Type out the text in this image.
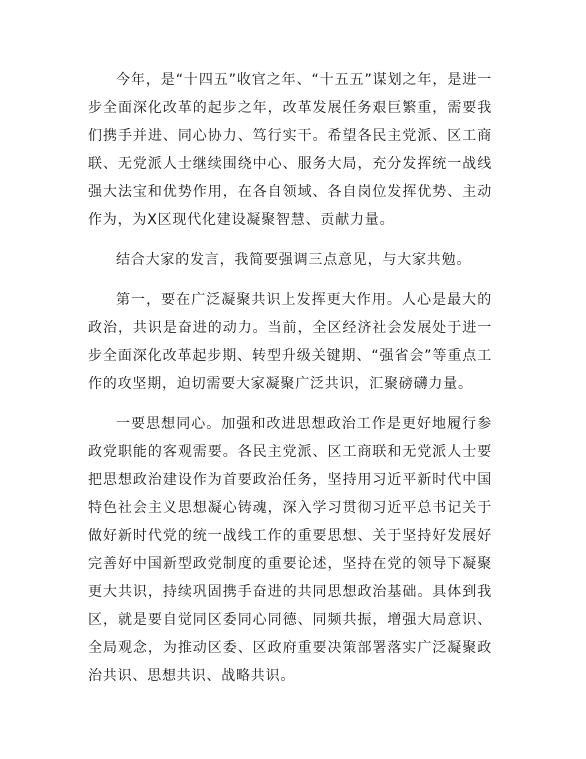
今年，是“十四五”收官之年、“十五五”谋划之年，是进一步全面深化改革的起步之年，改革发展任务艰巨繁重，需要我们携手并进、同心协力、笃行实干。希望各民主党派、区工商联、无党派人士继续围绕中心、服务大局，充分发挥统一战线强大法宝和优势作用，在各自领域、各自岗位发挥优势、主动作为，为X区现代化建设凝聚智慧、贡献力量。

结合大家的发言，我简要强调三点意见，与大家共勉。

第一，要在广泛凝聚共识上发挥更大作用。人心是最大的政治，共识是奋进的动力。当前，全区经济社会发展处于进一步全面深化改革起步期、转型升级关键期、“强省会”等重点工作的攻坚期，迫切需要大家凝聚广泛共识，汇聚磅礴力量。

一要思想同心。加强和改进思想政治工作是更好地履行参政党职能的客观需要。各民主党派、区工商联和无党派人士要把思想政治建设作为首要政治任务，坚持用习近平新时代中国特色社会主义思想凝心铸魂，深入学习贯彻习近平总书记关于做好新时代党的统一战线工作的重要思想、关于坚持好发展好完善好中国新型政党制度的重要论述，坚持在党的领导下凝聚更大共识，持续巩固携手奋进的共同思想政治基础。具体到我区，就是要自觉同区委同心同德、同频共振，增强大局意识、全局观念，为推动区委、区政府重要决策部署落实广泛凝聚政治共识、思想共识、战略共识。
